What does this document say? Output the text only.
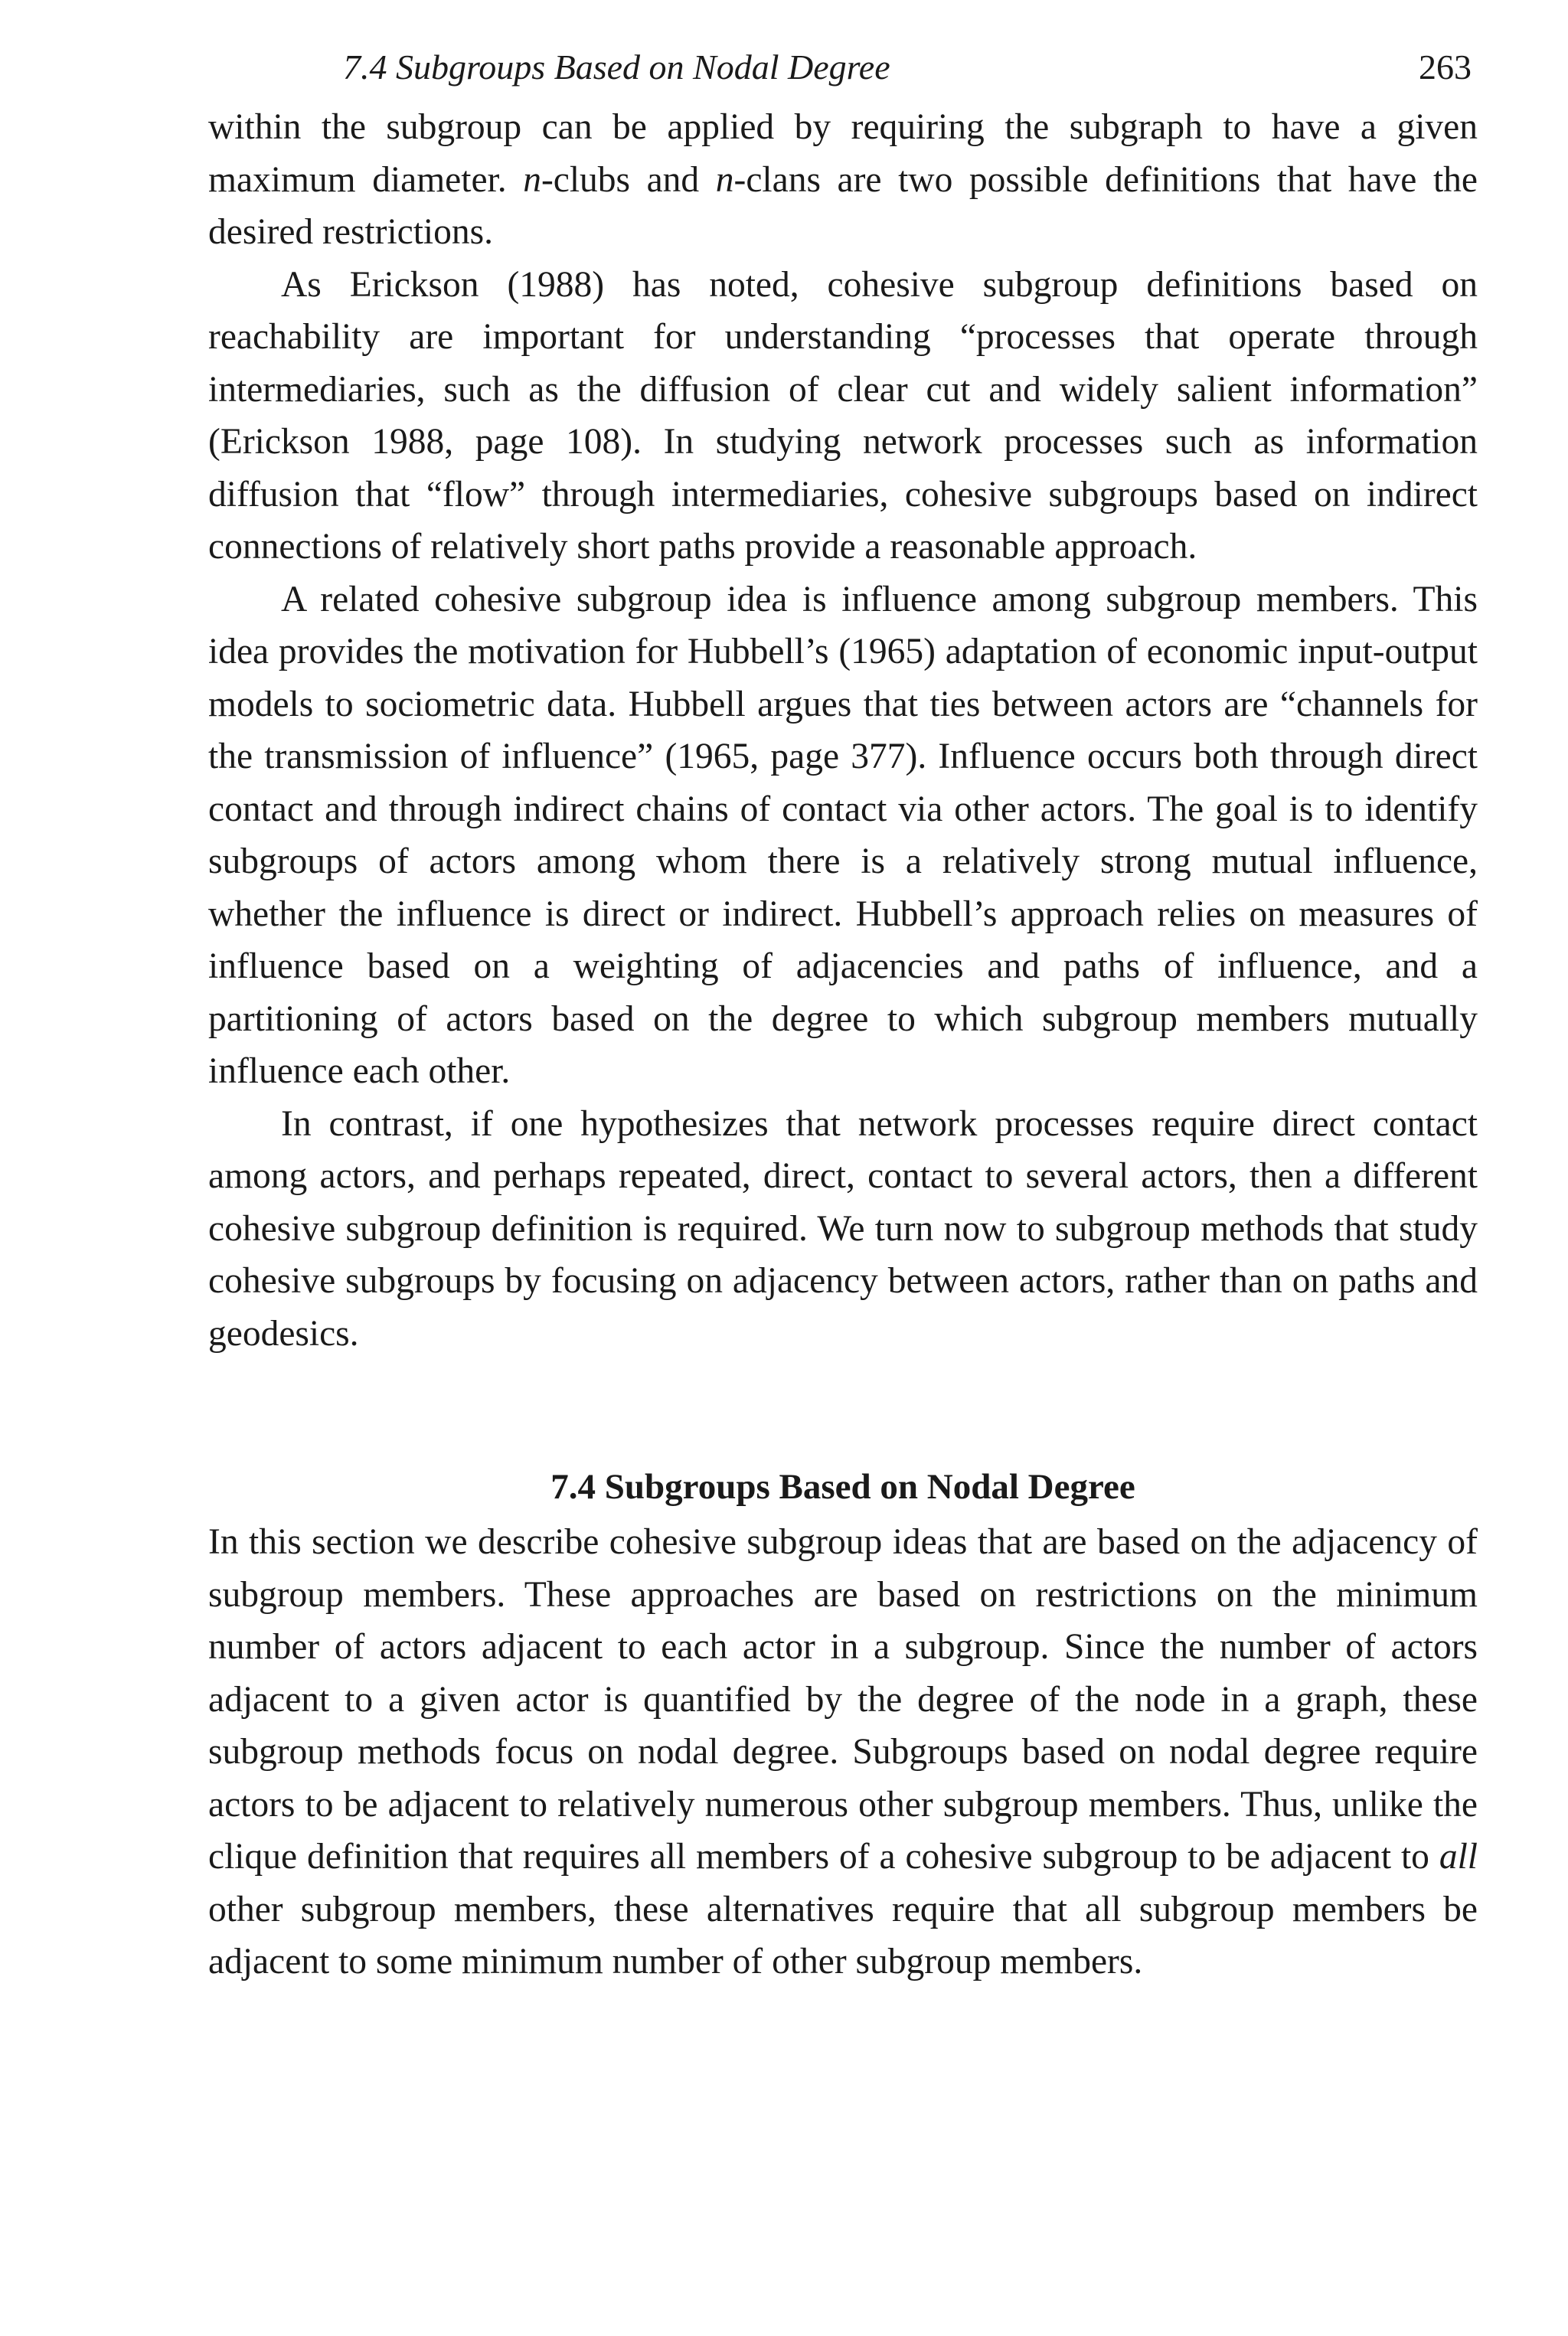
7.4 Subgroups Based on Nodal Degree	263

within the subgroup can be applied by requiring the subgraph to have a given maximum diameter. n-clubs and n-clans are two possible definitions that have the desired restrictions.

As Erickson (1988) has noted, cohesive subgroup definitions based on reachability are important for understanding “processes that operate through intermediaries, such as the diffusion of clear cut and widely salient information” (Erickson 1988, page 108). In studying network processes such as information diffusion that “flow” through intermediaries, cohesive subgroups based on indirect connections of relatively short paths provide a reasonable approach.

A related cohesive subgroup idea is influence among subgroup members. This idea provides the motivation for Hubbell’s (1965) adaptation of economic input-output models to sociometric data. Hubbell argues that ties between actors are “channels for the transmission of influence” (1965, page 377). Influence occurs both through direct contact and through indirect chains of contact via other actors. The goal is to identify subgroups of actors among whom there is a relatively strong mutual influence, whether the influence is direct or indirect. Hubbell’s approach relies on measures of influence based on a weighting of adjacencies and paths of influence, and a partitioning of actors based on the degree to which subgroup members mutually influence each other.

In contrast, if one hypothesizes that network processes require direct contact among actors, and perhaps repeated, direct, contact to several actors, then a different cohesive subgroup definition is required. We turn now to subgroup methods that study cohesive subgroups by focusing on adjacency between actors, rather than on paths and geodesics.

7.4 Subgroups Based on Nodal Degree

In this section we describe cohesive subgroup ideas that are based on the adjacency of subgroup members. These approaches are based on restrictions on the minimum number of actors adjacent to each actor in a subgroup. Since the number of actors adjacent to a given actor is quantified by the degree of the node in a graph, these subgroup methods focus on nodal degree. Subgroups based on nodal degree require actors to be adjacent to relatively numerous other subgroup members. Thus, unlike the clique definition that requires all members of a cohesive subgroup to be adjacent to all other subgroup members, these alternatives require that all subgroup members be adjacent to some minimum number of other subgroup members.
